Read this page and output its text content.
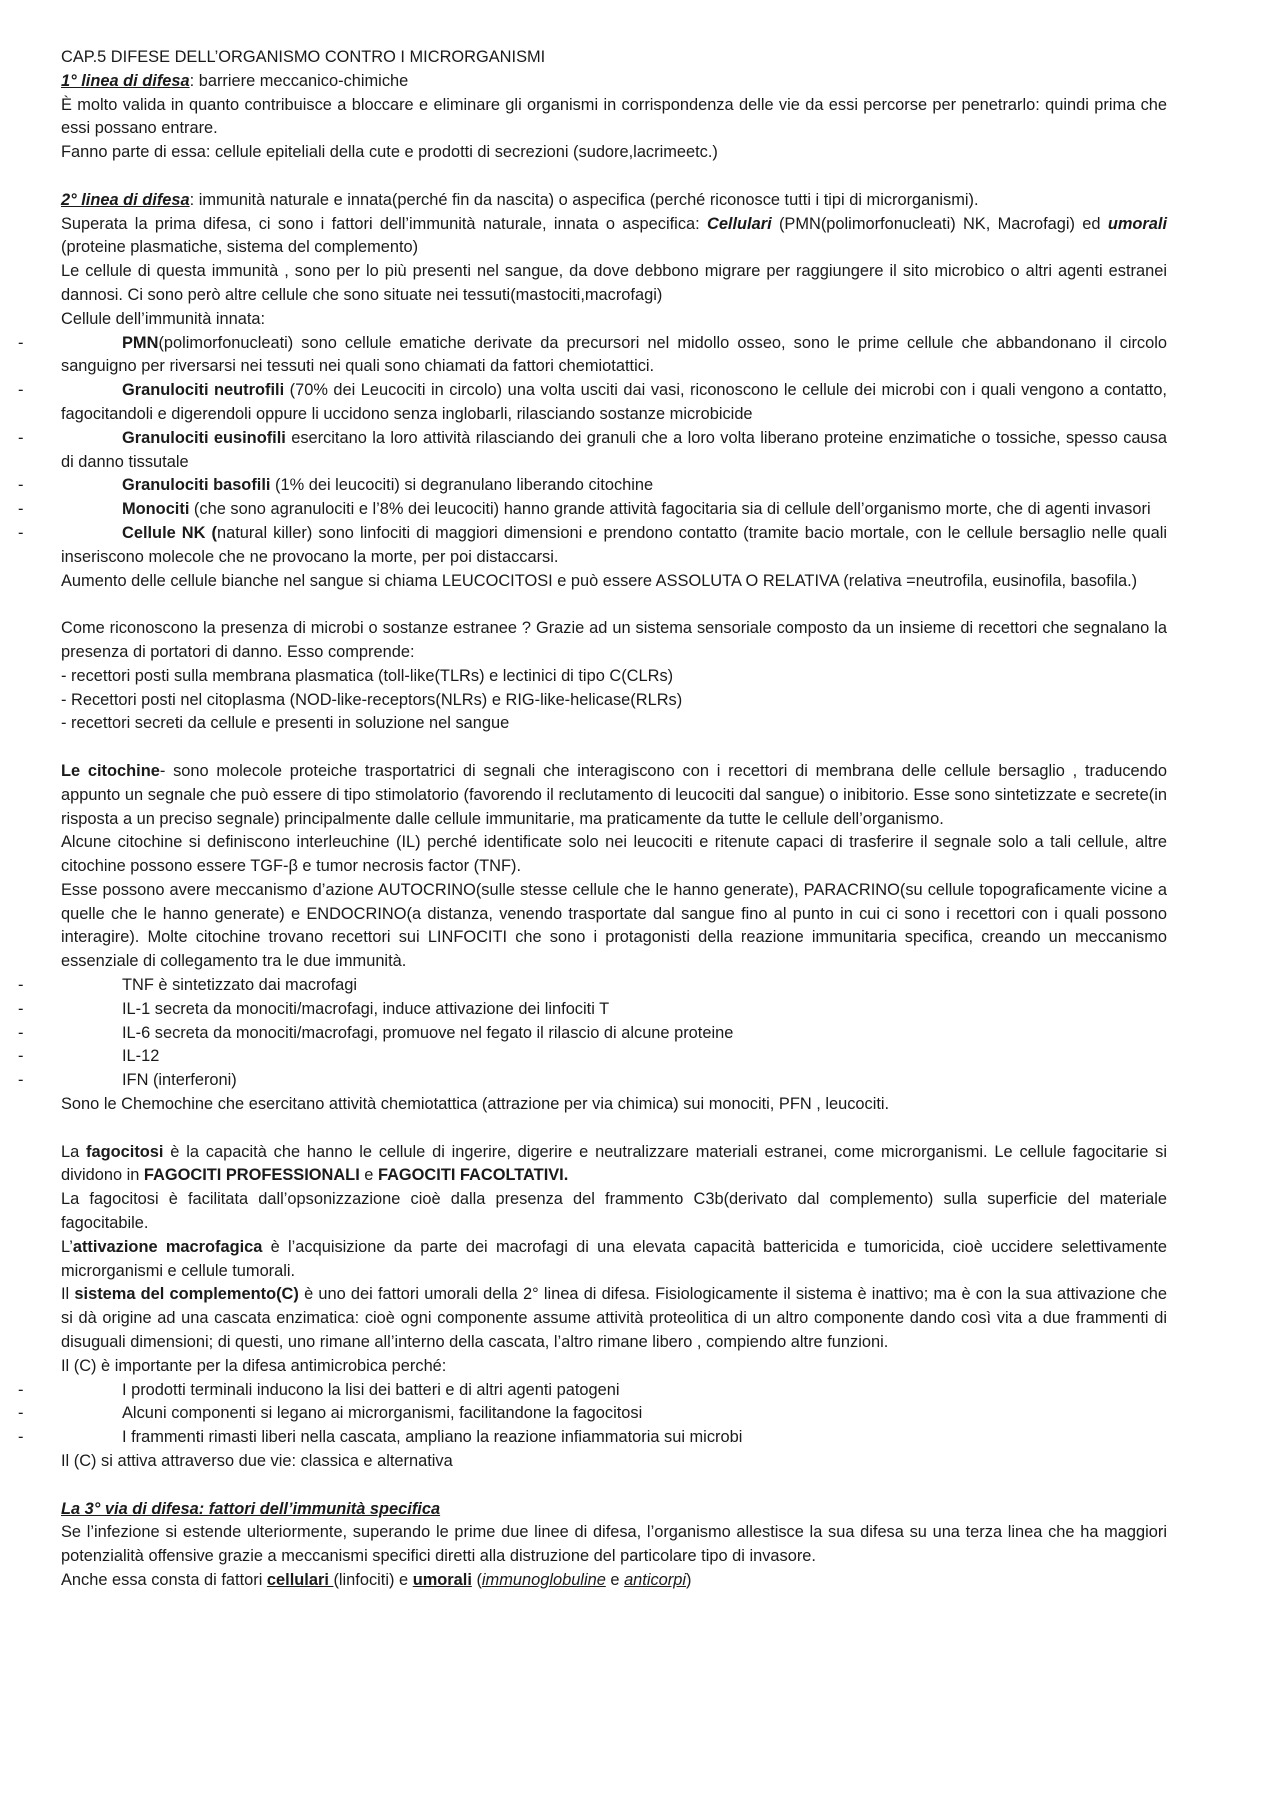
CAP.5 DIFESE DELL’ORGANISMO CONTRO I MICRORGANISMI

1° linea di difesa: barriere meccanico-chimiche

È molto valida in quanto contribuisce a bloccare e eliminare gli organismi in corrispondenza delle vie da essi percorse per penetrarlo: quindi prima che essi possano entrare.

Fanno parte di essa: cellule epiteliali della cute e prodotti di secrezioni (sudore,lacrimeetc.)

2° linea di difesa: immunità naturale e innata(perché fin da nascita) o aspecifica (perché riconosce tutti i tipi di microrganismi).

Superata la prima difesa, ci sono i fattori dell’immunità naturale, innata o aspecifica: Cellulari (PMN(polimorfonucleati) NK, Macrofagi) ed umorali (proteine plasmatiche, sistema del complemento)

Le cellule di questa immunità , sono per lo più presenti nel sangue, da dove debbono migrare per raggiungere il sito microbico o altri agenti estranei dannosi. Ci sono però altre cellule che sono situate nei tessuti(mastociti,macrofagi)

Cellule dell’immunità innata:

-	PMN(polimorfonucleati) sono cellule ematiche derivate da precursori nel midollo osseo, sono le prime cellule che abbandonano il circolo sanguigno per riversarsi nei tessuti nei quali sono chiamati da fattori chemiotattici.

-	Granulociti neutrofili (70% dei Leucociti in circolo) una volta usciti dai vasi, riconoscono le cellule dei microbi con i quali vengono a contatto, fagocitandoli e digerendoli oppure li uccidono senza inglobarli, rilasciando sostanze microbicide

-	Granulociti eusinofili esercitano la loro attività rilasciando dei granuli che a loro volta liberano proteine enzimatiche o tossiche, spesso causa di danno tissutale

-	Granulociti basofili (1% dei leucociti) si degranulano liberando citochine

-	Monociti (che sono agranulociti e l’8% dei leucociti) hanno grande attività fagocitaria sia di cellule dell’organismo morte, che di agenti invasori

-	Cellule NK (natural killer) sono linfociti di maggiori dimensioni e prendono contatto (tramite bacio mortale, con le cellule bersaglio nelle quali inseriscono molecole che ne provocano la morte, per poi distaccarsi.

Aumento delle cellule bianche nel sangue si chiama LEUCOCITOSI e può essere ASSOLUTA O RELATIVA (relativa =neutrofila, eusinofila, basofila.)

Come riconoscono la presenza di microbi o sostanze estranee ? Grazie ad un sistema sensoriale composto da un insieme di recettori che segnalano la presenza di portatori di danno. Esso comprende:

- recettori posti sulla membrana plasmatica (toll-like(TLRs) e lectinici di tipo C(CLRs)

- Recettori posti nel citoplasma (NOD-like-receptors(NLRs) e RIG-like-helicase(RLRs)

- recettori secreti da cellule e presenti in soluzione nel sangue

Le citochine- sono molecole proteiche trasportatrici di segnali che interagiscono con i recettori di membrana delle cellule bersaglio , traducendo appunto un segnale che può essere di tipo stimolatorio (favorendo il reclutamento di leucociti dal sangue) o inibitorio. Esse sono sintetizzate e secrete(in risposta a un preciso segnale) principalmente dalle cellule immunitarie, ma praticamente da tutte le cellule dell’organismo.

Alcune citochine si definiscono interleuchine (IL) perché identificate solo nei leucociti e ritenute capaci di trasferire il segnale solo a tali cellule, altre citochine possono essere TGF-β e tumor necrosis factor (TNF).

Esse possono avere meccanismo d’azione AUTOCRINO(sulle stesse cellule che le hanno generate), PARACRINO(su cellule topograficamente vicine a quelle che le hanno generate) e ENDOCRINO(a distanza, venendo trasportate dal sangue fino al punto in cui ci sono i recettori con i quali possono interagire). Molte citochine trovano recettori sui LINFOCITI che sono i protagonisti della reazione immunitaria specifica, creando un meccanismo essenziale di collegamento tra le due immunità.

-	TNF è sintetizzato dai macrofagi

-	IL-1 secreta da monociti/macrofagi, induce attivazione dei linfociti T

-	IL-6 secreta da monociti/macrofagi, promuove nel fegato il rilascio di alcune proteine

-	IL-12

-	IFN (interferoni)

Sono le Chemochine che esercitano attività chemiotattica (attrazione per via chimica) sui monociti, PFN , leucociti.

La fagocitosi è la capacità che hanno le cellule di ingerire, digerire e neutralizzare materiali estranei, come microrganismi. Le cellule fagocitarie si dividono in FAGOCITI PROFESSIONALI e FAGOCITI FACOLTATIVI.

La fagocitosi è facilitata dall’opsonizzazione cioè dalla presenza del frammento C3b(derivato dal complemento) sulla superficie del materiale fagocitabile.

L’attivazione macrofagica è l’acquisizione da parte dei macrofagi di una elevata capacità battericida e tumoricida, cioè uccidere selettivamente microrganismi e cellule tumorali.

Il sistema del complemento(C) è uno dei fattori umorali della 2° linea di difesa. Fisiologicamente il sistema è inattivo; ma è con la sua attivazione che si dà origine ad una cascata enzimatica: cioè ogni componente assume attività proteolitica di un altro componente dando così vita a due frammenti di disuguali dimensioni; di questi, uno rimane all’interno della cascata, l’altro rimane libero , compiendo altre funzioni.

Il (C) è importante per la difesa antimicrobica perché:

-	I prodotti terminali inducono la lisi dei batteri e di altri agenti patogeni

-	Alcuni componenti si legano ai microrganismi, facilitandone la fagocitosi

-	I frammenti rimasti liberi nella cascata, ampliano la reazione infiammatoria sui microbi

Il (C) si attiva attraverso due vie: classica e alternativa

La 3° via di difesa: fattori dell’immunità specifica

Se l’infezione si estende ulteriormente, superando le prime due linee di difesa, l’organismo allestisce la sua difesa su una terza linea che ha maggiori potenzialità offensive grazie a meccanismi specifici diretti alla distruzione del particolare tipo di invasore.

Anche essa consta di fattori cellulari (linfociti) e umorali (immunoglobuline e anticorpi)
